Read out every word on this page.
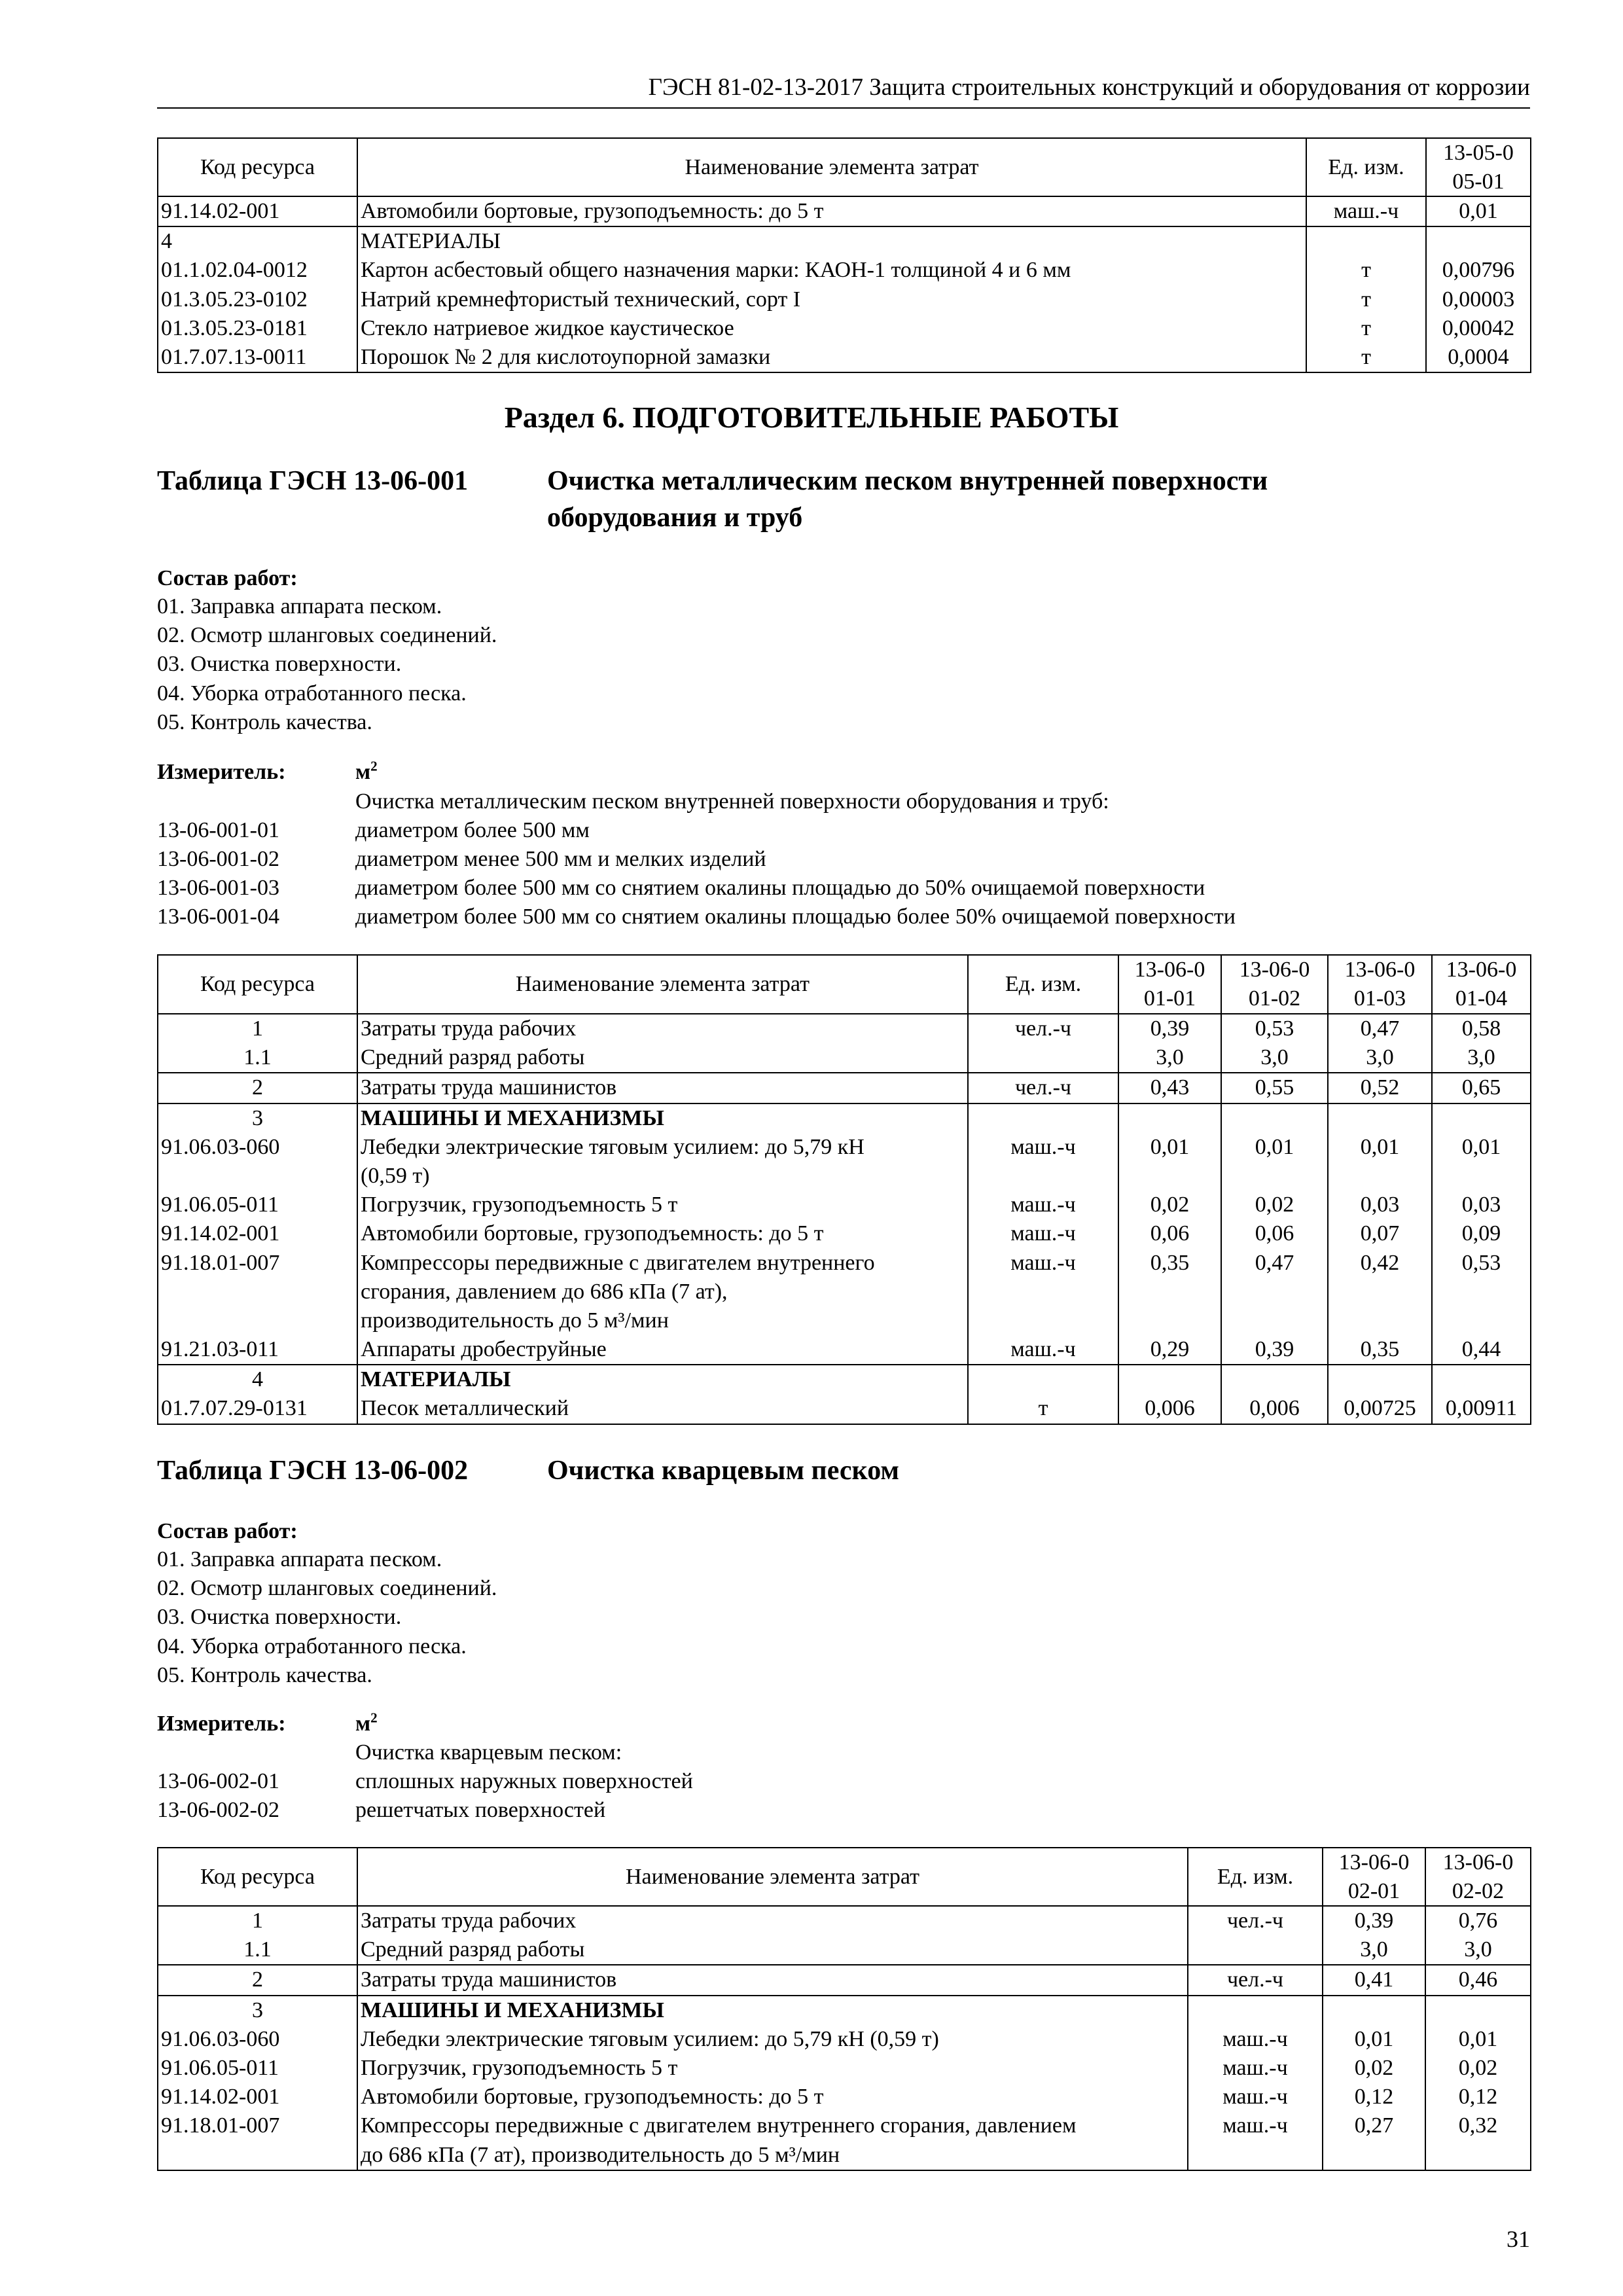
ГЭСН 81-02-13-2017 Защита строительных конструкций и оборудования от коррозии
Код ресурса	Наименование элемента затрат	Ед. изм.	13-05-005-01
91.14.02-001	Автомобили бортовые, грузоподъемность: до 5 т	маш.-ч	0,01
4	МАТЕРИАЛЫ		
01.1.02.04-0012	Картон асбестовый общего назначения марки: КАОН-1 толщиной 4 и 6 мм	т	0,00796
01.3.05.23-0102	Натрий кремнефтористый технический, сорт I	т	0,00003
01.3.05.23-0181	Стекло натриевое жидкое каустическое	т	0,00042
01.7.07.13-0011	Порошок № 2 для кислотоупорной замазки	т	0,0004
Раздел 6. ПОДГОТОВИТЕЛЬНЫЕ РАБОТЫ
Таблица ГЭСН 13-06-001	Очистка металлическим песком внутренней поверхности
оборудования и труб
Состав работ:
01. Заправка аппарата песком.
02. Осмотр шланговых соединений.
03. Очистка поверхности.
04. Уборка отработанного песка.
05. Контроль качества.
Измеритель:	$м^2$
Очистка металлическим песком внутренней поверхности оборудования и труб:
13-06-001-01	диаметром более 500 мм
13-06-001-02	диаметром менее 500 мм и мелких изделий
13-06-001-03	диаметром более 500 мм со снятием окалины площадью до 50% очищаемой поверхности
13-06-001-04	диаметром более 500 мм со снятием окалины площадью более 50% очищаемой поверхности
Код ресурса	Наименование элемента затрат	Ед. изм.	13-06-001-01	13-06-001-02	13-06-001-03	13-06-001-04
1	Затраты труда рабочих	чел.-ч	0,39	0,53	0,47	0,58
1.1	Средний разряд работы		3,0	3,0	3,0	3,0
2	Затраты труда машинистов	чел.-ч	0,43	0,55	0,52	0,65
3	МАШИНЫ И МЕХАНИЗМЫ					
91.06.03-060	Лебедки электрические тяговым усилием: до 5,79 кН
(0,59 т)	маш.-ч	0,01	0,01	0,01	0,01
91.06.05-011	Погрузчик, грузоподъемность 5 т	маш.-ч	0,02	0,02	0,03	0,03
91.14.02-001	Автомобили бортовые, грузоподъемность: до 5 т	маш.-ч	0,06	0,06	0,07	0,09
91.18.01-007	Компрессоры передвижные с двигателем внутреннего
сгорания, давлением до 686 кПа (7 ат),
производительность до 5 м³/мин	маш.-ч	0,35	0,47	0,42	0,53
91.21.03-011	Аппараты дробеструйные	маш.-ч	0,29	0,39	0,35	0,44
4	МАТЕРИАЛЫ					
01.7.07.29-0131	Песок металлический	т	0,006	0,006	0,00725	0,00911
Таблица ГЭСН 13-06-002	Очистка кварцевым песком
Состав работ:
01. Заправка аппарата песком.
02. Осмотр шланговых соединений.
03. Очистка поверхности.
04. Уборка отработанного песка.
05. Контроль качества.
Измеритель:	$м^2$
Очистка кварцевым песком:
13-06-002-01	сплошных наружных поверхностей
13-06-002-02	решетчатых поверхностей
Код ресурса	Наименование элемента затрат	Ед. изм.	13-06-002-01	13-06-002-02
1	Затраты труда рабочих	чел.-ч	0,39	0,76
1.1	Средний разряд работы		3,0	3,0
2	Затраты труда машинистов	чел.-ч	0,41	0,46
3	МАШИНЫ И МЕХАНИЗМЫ			
91.06.03-060	Лебедки электрические тяговым усилием: до 5,79 кН (0,59 т)	маш.-ч	0,01	0,01
91.06.05-011	Погрузчик, грузоподъемность 5 т	маш.-ч	0,02	0,02
91.14.02-001	Автомобили бортовые, грузоподъемность: до 5 т	маш.-ч	0,12	0,12
91.18.01-007	Компрессоры передвижные с двигателем внутреннего сгорания, давлением
до 686 кПа (7 ат), производительность до 5 м³/мин	маш.-ч	0,27	0,32
31
